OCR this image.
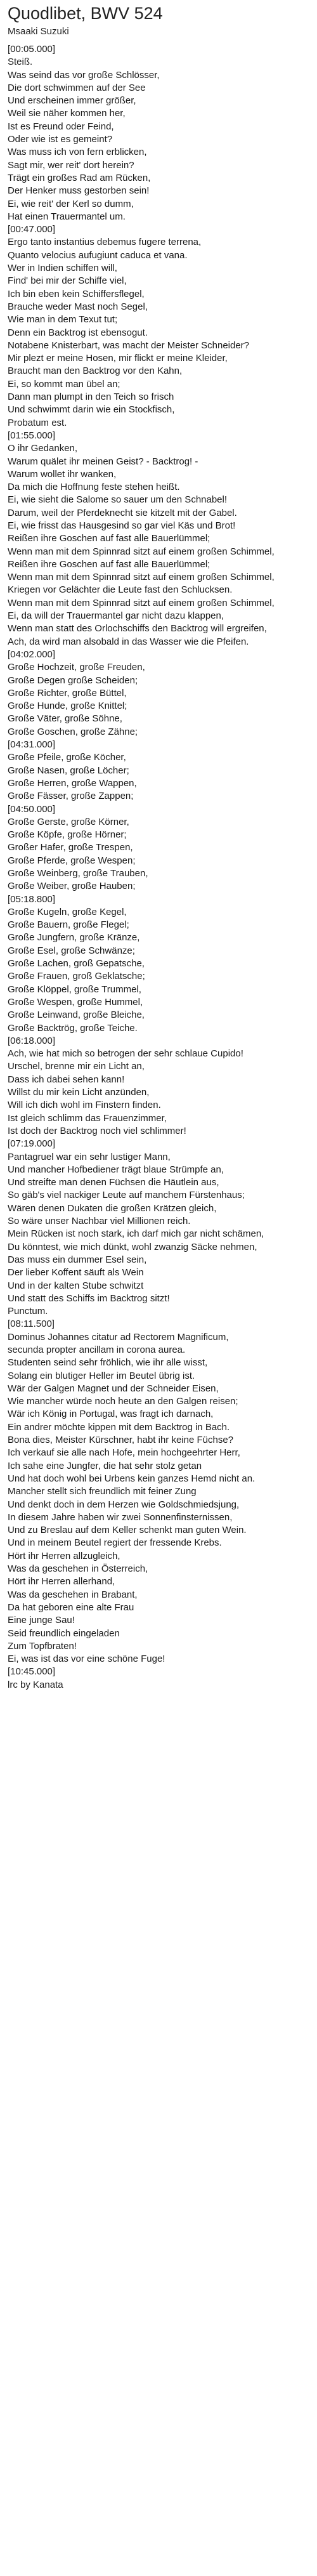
Quodlibet, BWV 524
Msaaki Suzuki
[00:05.000]
Steiß.
Was seind das vor große Schlösser,
Die dort schwimmen auf der See
Und erscheinen immer größer,
Weil sie näher kommen her,
Ist es Freund oder Feind,
Oder wie ist es gemeint?
Was muss ich von fern erblicken,
Sagt mir, wer reit' dort herein?
Trägt ein großes Rad am Rücken,
Der Henker muss gestorben sein!
Ei, wie reit' der Kerl so dumm,
Hat einen Trauermantel um.
[00:47.000]
Ergo tanto instantius debemus fugere terrena,
Quanto velocius aufugiunt caduca et vana.
Wer in Indien schiffen will,
Find' bei mir der Schiffe viel,
Ich bin eben kein Schiffersflegel,
Brauche weder Mast noch Segel,
Wie man in dem Texut tut;
Denn ein Backtrog ist ebensogut.
Notabene Knisterbart, was macht der Meister Schneider?
Mir plezt er meine Hosen, mir flickt er meine Kleider,
Braucht man den Backtrog vor den Kahn,
Ei, so kommt man übel an;
Dann man plumpt in den Teich so frisch
Und schwimmt darin wie ein Stockfisch,
Probatum est.
[01:55.000]
O ihr Gedanken,
Warum quälet ihr meinen Geist? - Backtrog! -
Warum wollet ihr wanken,
Da mich die Hoffnung feste stehen heißt.
Ei, wie sieht die Salome so sauer um den Schnabel!
Darum, weil der Pferdeknecht sie kitzelt mit der Gabel.
Ei, wie frisst das Hausgesind so gar viel Käs und Brot!
Reißen ihre Goschen auf fast alle Bauerlümmel;
Wenn man mit dem Spinnrad sitzt auf einem großen Schimmel,
Reißen ihre Goschen auf fast alle Bauerlümmel;
Wenn man mit dem Spinnrad sitzt auf einem großen Schimmel,
Kriegen vor Gelächter die Leute fast den Schlucksen.
Wenn man mit dem Spinnrad sitzt auf einem großen Schimmel,
Ei, da will der Trauermantel gar nicht dazu klappen,
Wenn man statt des Orlochschiffs den Backtrog will ergreifen,
Ach, da wird man alsobald in das Wasser wie die Pfeifen.
[04:02.000]
Große Hochzeit, große Freuden,
Große Degen große Scheiden;
Große Richter, große Büttel,
Große Hunde, große Knittel;
Große Väter, große Söhne,
Große Goschen, große Zähne;
[04:31.000]
Große Pfeile, große Köcher,
Große Nasen, große Löcher;
Große Herren, große Wappen,
Große Fässer, große Zappen;
[04:50.000]
Große Gerste, große Körner,
Große Köpfe, große Hörner;
Großer Hafer, große Trespen,
Große Pferde, große Wespen;
Große Weinberg, große Trauben,
Große Weiber, große Hauben;
[05:18.800]
Große Kugeln, große Kegel,
Große Bauern, große Flegel;
Große Jungfern, große Kränze,
Große Esel, große Schwänze;
Große Lachen, groß Gepatsche,
Große Frauen, groß Geklatsche;
Große Klöppel, große Trummel,
Große Wespen, große Hummel,
Große Leinwand, große Bleiche,
Große Backtrög, große Teiche.
[06:18.000]
Ach, wie hat mich so betrogen der sehr schlaue Cupido!
Urschel, brenne mir ein Licht an,
Dass ich dabei sehen kann!
Willst du mir kein Licht anzünden,
Will ich dich wohl im Finstern finden.
Ist gleich schlimm das Frauenzimmer,
Ist doch der Backtrog noch viel schlimmer!
[07:19.000]
Pantagruel war ein sehr lustiger Mann,
Und mancher Hofbediener trägt blaue Strümpfe an,
Und streifte man denen Füchsen die Häutlein aus,
So gäb's viel nackiger Leute auf manchem Fürstenhaus;
Wären denen Dukaten die großen Krätzen gleich,
So wäre unser Nachbar viel Millionen reich.
Mein Rücken ist noch stark, ich darf mich gar nicht schämen,
Du könntest, wie mich dünkt, wohl zwanzig Säcke nehmen,
Das muss ein dummer Esel sein,
Der lieber Koffent säuft als Wein
Und in der kalten Stube schwitzt
Und statt des Schiffs im Backtrog sitzt!
Punctum.
[08:11.500]
Dominus Johannes citatur ad Rectorem Magnificum,
secunda propter ancillam in corona aurea.
Studenten seind sehr fröhlich, wie ihr alle wisst,
Solang ein blutiger Heller im Beutel übrig ist.
Wär der Galgen Magnet und der Schneider Eisen,
Wie mancher würde noch heute an den Galgen reisen;
Wär ich König in Portugal, was fragt ich darnach,
Ein andrer möchte kippen mit dem Backtrog in Bach.
Bona dies, Meister Kürschner, habt ihr keine Füchse?
Ich verkauf sie alle nach Hofe, mein hochgeehrter Herr,
Ich sahe eine Jungfer, die hat sehr stolz getan
Und hat doch wohl bei Urbens kein ganzes Hemd nicht an.
Mancher stellt sich freundlich mit feiner Zung
Und denkt doch in dem Herzen wie Goldschmiedsjung,
In diesem Jahre haben wir zwei Sonnenfinsternissen,
Und zu Breslau auf dem Keller schenkt man guten Wein.
Und in meinem Beutel regiert der fressende Krebs.
Hört ihr Herren allzugleich,
Was da geschehen in Österreich,
Hört ihr Herren allerhand,
Was da geschehen in Brabant,
Da hat geboren eine alte Frau
Eine junge Sau!
Seid freundlich eingeladen
Zum Topfbraten!
Ei, was ist das vor eine schöne Fuge!
[10:45.000]
lrc by Kanata
